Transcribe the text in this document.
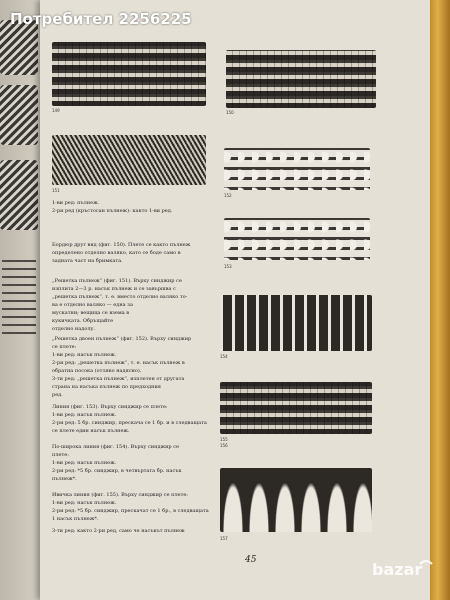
149	150
151
152
153
154
155
157
156
1-ви ред: пълнеж.
2-ри ред (кръстосан пълнеж): както 1-ви ред.
Бордюр друг вид (фиг. 150). Плете се както пълнеж
определено отделно валяко, като се боде само в
задната част на бримката.
„Решетка пълнеж“ (фиг. 151). Върху синджир се
изплита 2—3 р. насък пълнеж и се завършва с
„решетка пълнеж“, т. е. вместо отделно валяко то-
ва е отделно валяко — една за
мускатни; вещица се взема в
кукичката. Обръщайте
отделно надолу.
„Решетка двоен пълнеж“ (фиг. 152). Върху синджир
се плете:
1-ви ред: насък пълнеж.
2-ри ред: „решетка пълнеж“, т. е. насък пълнеж в
обратна посока (отляво надясно).
3-ти ред: „решетка пълнеж“, изплетен от другата
страна на насъка пълнеж по предходния
ред.
Линия (фиг. 153). Върху синджир се плете:
1-ви ред: насък пълнеж.
2-ри ред: 5 бр. синджир, прескача се 1 бр. и в следващата
се плете един насък пълнеж.
По-широка линия (фиг. 154). Върху синджир се
плете:
1-ви ред: насък пълнеж.
2-ри ред: *5 бр. синджир, в четвъртата бр. насък
пълнеж*.
Ивичка линия (фиг. 155). Върху синджир се плете:
1-ви ред: насък пълнеж.
2-ри ред: *5 бр. синджир, прескачат се 1 бр., в следващата
1 насък пълнеж*.
3-ти ред: както 2-ри ред, само че насъкът пълнеж
45
Потребител 2256225
bazar
